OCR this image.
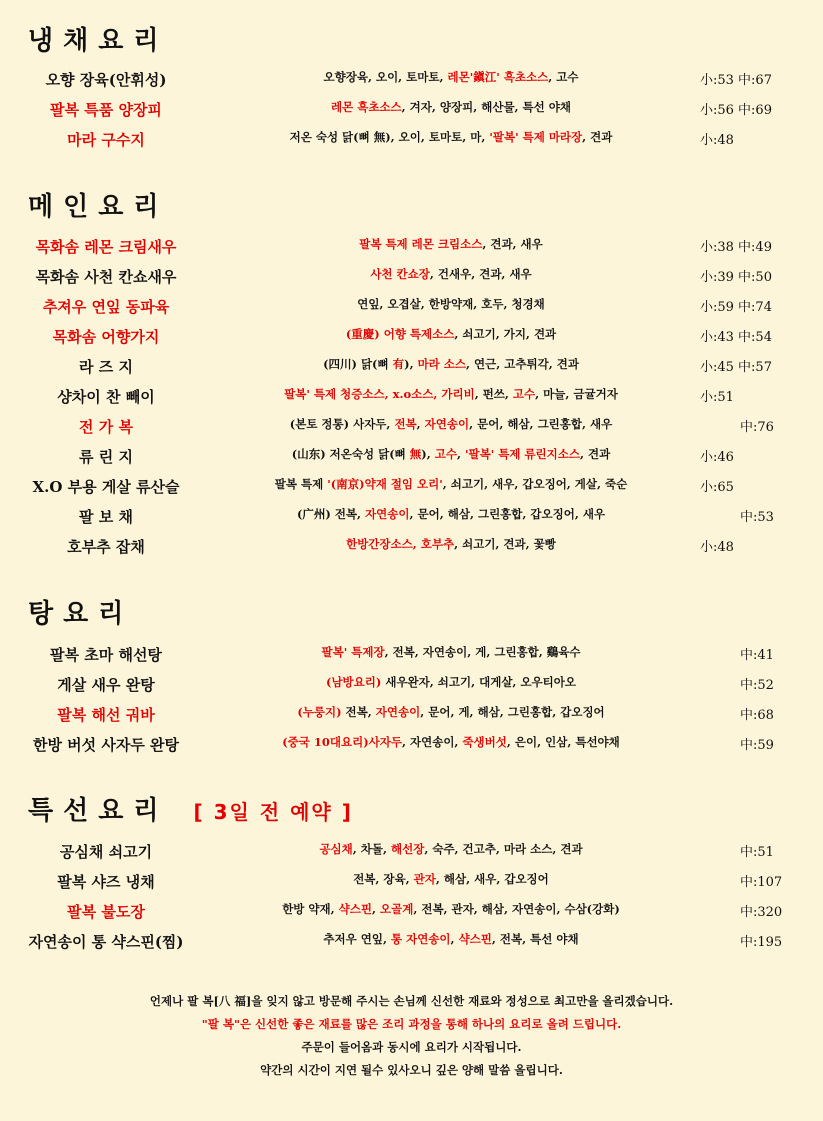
냉채요리
오향 장육(안휘성)	오향장육, 오이, 토마토, 레몬'鎭江' 흑초소스, 고수	小:53 中:67
팔복 특품 양장피	레몬 흑초소스, 겨자, 양장피, 해산물, 특선 야채	小:56 中:69
마라 구수지	저온 숙성 닭(뼈 無), 오이, 토마토, 마, '팔복' 특제 마라장, 견과	小:48
메인요리
목화솜 레몬 크림새우	팔복 특제 레몬 크림소스, 견과, 새우	小:38 中:49
목화솜 사천 칸쇼새우	사천 칸쇼장, 건새우, 견과, 새우	小:39 中:50
추져우 연잎 동파육	연잎, 오겹살, 한방약재, 호두, 청경채	小:59 中:74
목화솜 어향가지	(重慶) 어향 특제소스, 쇠고기, 가지, 견과	小:43 中:54
라 즈 지	(四川) 닭(뼈 有), 마라 소스, 연근, 고추튀각, 견과	小:45 中:57
샹차이 찬 빼이	팔복' 특제 청증소스, x.o소스, 가리비, 펀쓰, 고수, 마늘, 금귤거자	小:51
전 가 복	(본토 정통) 사자두, 전복, 자연송이, 문어, 해삼, 그린홍합, 새우	中:76
류 린 지	(山东) 저온숙성 닭(뼈 無), 고수, '팔복' 특제 류린지소스, 견과	小:46
X.O 부용 게살 류산슬	팔복 특제 '(南京)약재 절임 오리', 쇠고기, 새우, 갑오징어, 게살, 죽순	小:65
팔 보 채	(广州) 전복, 자연송이, 문어, 해삼, 그린홍합, 갑오징어, 새우	中:53
호부추 잡채	한방간장소스, 호부추, 쇠고기, 견과, 꽃빵	小:48
탕요리
팔복 초마 해선탕	팔복' 특제장, 전복, 자연송이, 게, 그린홍합, 鷄육수	中:41
게살 새우 완탕	(남방요리) 새우완자, 쇠고기, 대게살, 오우티아오	中:52
팔복 해선 궈바	(누룽지) 전복, 자연송이, 문어, 게, 해삼, 그린홍합, 갑오징어	中:68
한방 버섯 사자두 완탕	(중국 10대요리)사자두, 자연송이, 죽생버섯, 은이, 인삼, 특선야채	中:59
특선요리 [ 3일 전 예약 ]
공심채 쇠고기	공심채, 차돌, 해선장, 숙주, 건고추, 마라 소스, 견과	中:51
팔복 샤즈 냉채	전복, 장육, 관자, 해삼, 새우, 갑오징어	中:107
팔복 불도장	한방 약재, 샥스핀, 오골계, 전복, 관자, 해삼, 자연송이, 수삼(강화)	中:320
자연송이 통 샥스핀(찜)	추저우 연잎, 통 자연송이, 샥스핀, 전복, 특선 야채	中:195
언제나 팔 복[八 福]을 잊지 않고 방문해 주시는 손님께 신선한 재료와 정성으로 최고만을 올리겠습니다.
"팔 복"은 신선한 좋은 재료를 많은 조리 과정을 통해 하나의 요리로 올려 드립니다.
주문이 들어옴과 동시에 요리가 시작됩니다.
약간의 시간이 지연 될수 있사오니 깊은 양해 말씀 올립니다.
